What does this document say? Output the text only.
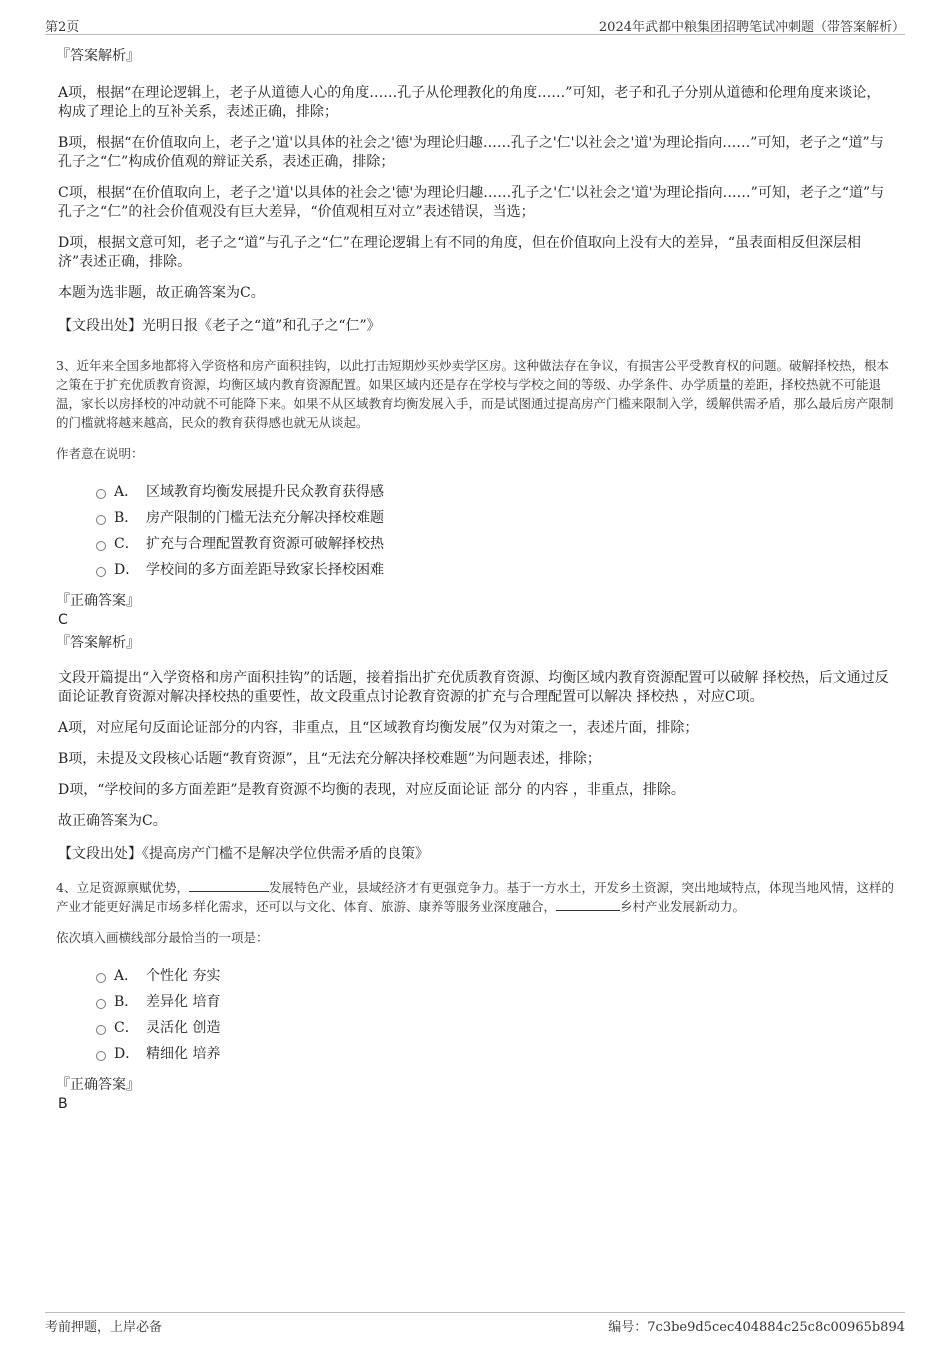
第2页	2024年武都中粮集团招聘笔试冲刺题（带答案解析）

『答案解析』

A项，根据“在理论逻辑上，老子从道德人心的角度……孔子从伦理教化的角度……”可知，老子和孔子分别从道德和伦理角度来谈论，构成了理论上的互补关系，表述正确，排除；

B项，根据“在价值取向上，老子之'道'以具体的社会之'德'为理论归趣……孔子之'仁'以社会之'道'为理论指向……”可知，老子之“道”与孔子之“仁”构成价值观的辩证关系，表述正确，排除；

C项，根据“在价值取向上，老子之'道'以具体的社会之'德'为理论归趣……孔子之'仁'以社会之'道'为理论指向……”可知，老子之“道”与孔子之“仁”的社会价值观没有巨大差异，“价值观相互对立”表述错误，当选；

D项，根据文意可知，老子之“道”与孔子之“仁”在理论逻辑上有不同的角度，但在价值取向上没有大的差异，“虽表面相反但深层相济”表述正确，排除。

本题为选非题，故正确答案为C。

【文段出处】光明日报《老子之“道”和孔子之“仁”》

3、近年来全国多地都将入学资格和房产面积挂钩，以此打击短期炒买炒卖学区房。这种做法存在争议，有损害公平受教育权的问题。破解择校热，根本之策在于扩充优质教育资源，均衡区域内教育资源配置。如果区域内还是存在学校与学校之间的等级、办学条件、办学质量的差距，择校热就不可能退温，家长以房择校的冲动就不可能降下来。如果不从区域教育均衡发展入手，而是试图通过提高房产门槛来限制入学，缓解供需矛盾，那么最后房产限制的门槛就将越来越高，民众的教育获得感也就无从谈起。

作者意在说明：

A． 区域教育均衡发展提升民众教育获得感
B． 房产限制的门槛无法充分解决择校难题
C． 扩充与合理配置教育资源可破解择校热
D． 学校间的多方面差距导致家长择校困难

『正确答案』

C

『答案解析』

文段开篇提出“入学资格和房产面积挂钩”的话题，接着指出扩充优质教育资源、均衡区域内教育资源配置可以破解 择校热，后文通过反面论证教育资源对解决择校热的重要性，故文段重点讨论教育资源的扩充与合理配置可以解决 择校热 ，对应C项。

A项，对应尾句反面论证部分的内容，非重点，且“区域教育均衡发展”仅为对策之一，表述片面，排除；

B项，未提及文段核心话题“教育资源”，且“无法充分解决择校难题”为问题表述，排除；

D项，“学校间的多方面差距”是教育资源不均衡的表现，对应反面论证 部分 的内容 ，非重点，排除。

故正确答案为C。

【文段出处】《提高房产门槛不是解决学位供需矛盾的良策》

4、立足资源禀赋优势，	发展特色产业，县域经济才有更强竞争力。基于一方水土，开发乡土资源，突出地域特点，体现当地风情，这样的产业才能更好满足市场多样化需求，还可以与文化、体育、旅游、康养等服务业深度融合，	乡村产业发展新动力。

依次填入画横线部分最恰当的一项是：

A． 个性化 夯实
B． 差异化 培育
C． 灵活化 创造
D． 精细化 培养

『正确答案』

B

考前押题，上岸必备	编号：7c3be9d5cec404884c25c8c00965b894
